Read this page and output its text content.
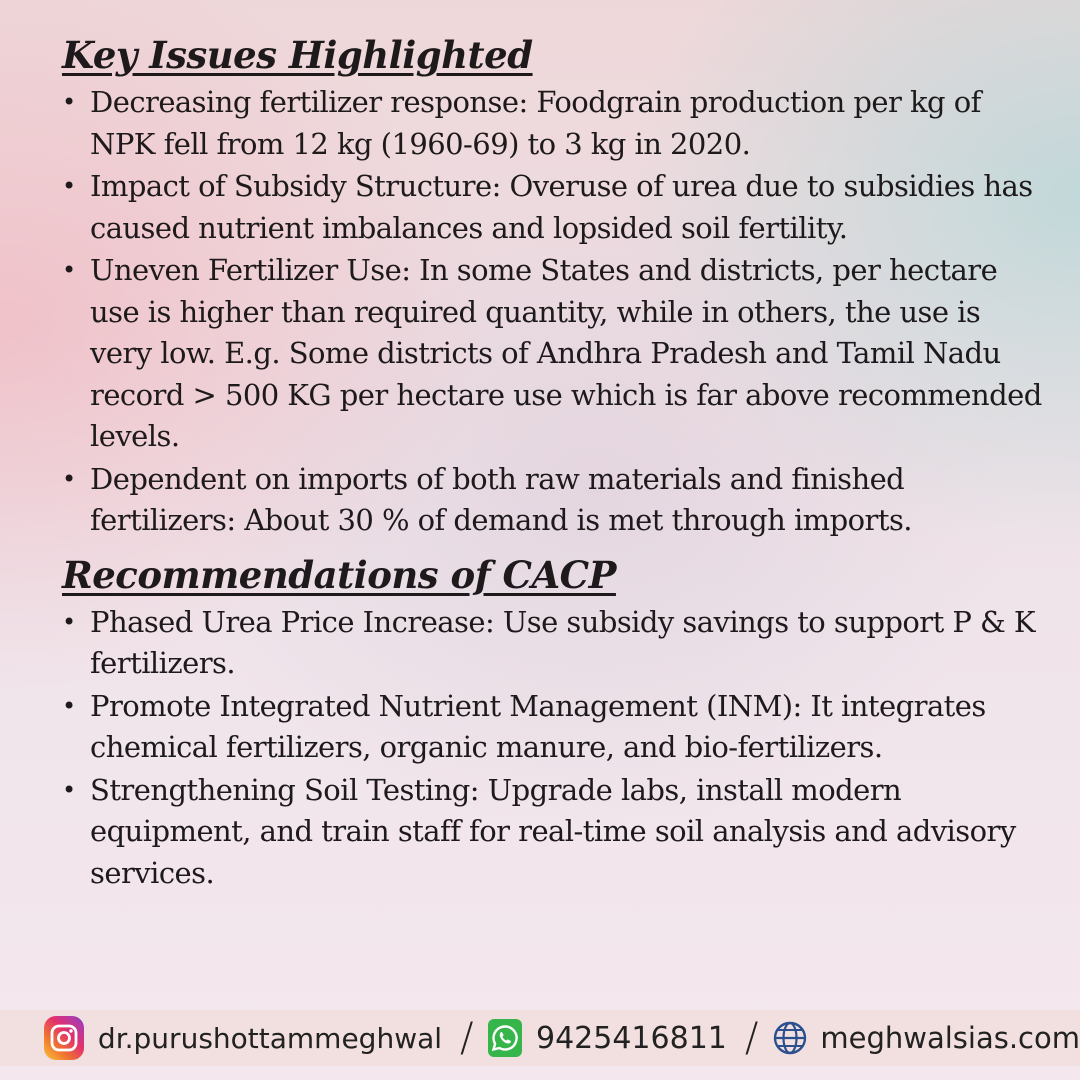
Key Issues Highlighted
• Decreasing fertilizer response: Foodgrain production per kg of NPK fell from 12 kg (1960-69) to 3 kg in 2020.
• Impact of Subsidy Structure: Overuse of urea due to subsidies has caused nutrient imbalances and lopsided soil fertility.
• Uneven Fertilizer Use: In some States and districts, per hectare use is higher than required quantity, while in others, the use is very low. E.g. Some districts of Andhra Pradesh and Tamil Nadu record > 500 KG per hectare use which is far above recommended levels.
• Dependent on imports of both raw materials and finished fertilizers: About 30 % of demand is met through imports.
Recommendations of CACP
• Phased Urea Price Increase: Use subsidy savings to support P & K fertilizers.
• Promote Integrated Nutrient Management (INM): It integrates chemical fertilizers, organic manure, and bio-fertilizers.
• Strengthening Soil Testing: Upgrade labs, install modern equipment, and train staff for real-time soil analysis and advisory services.
dr.purushottammeghwal / 9425416811 / meghwalsias.com
